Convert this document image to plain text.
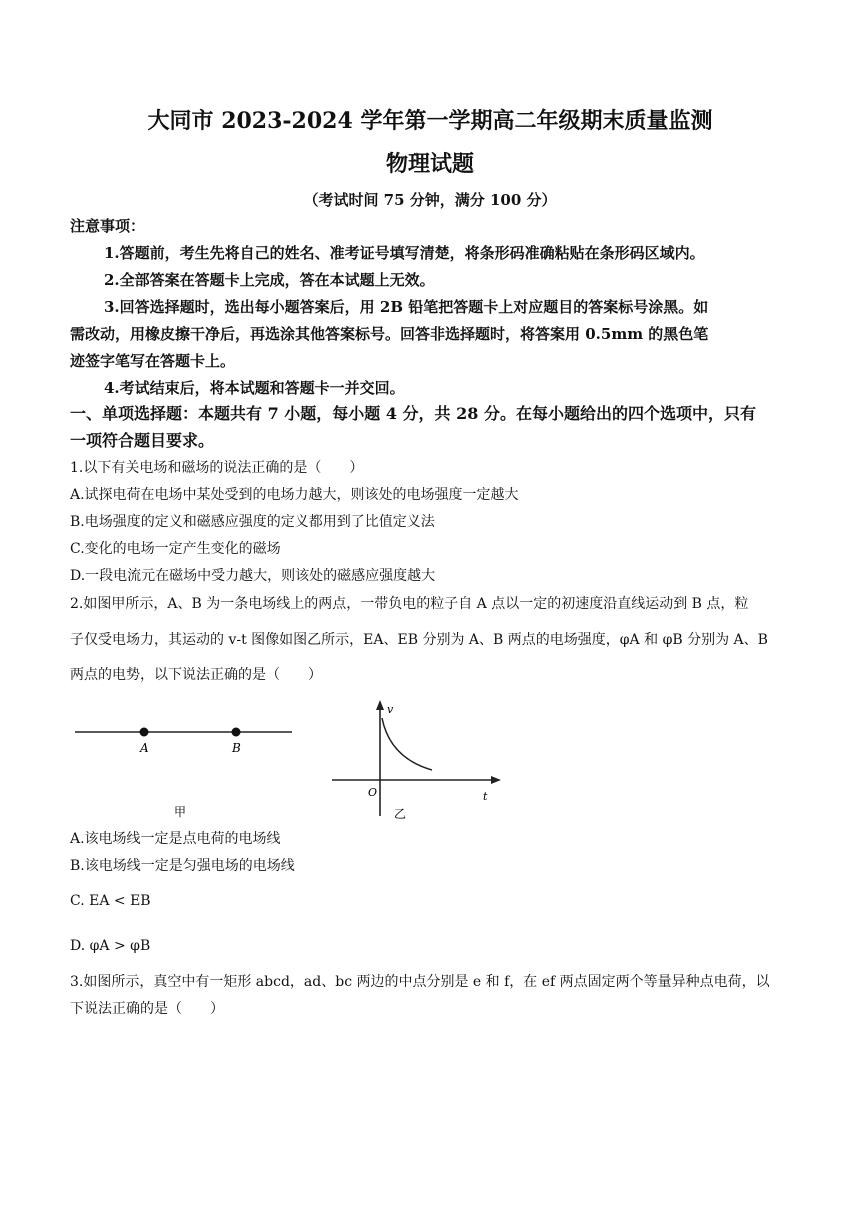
大同市 2023-2024 学年第一学期高二年级期末质量监测
物理试题
（考试时间 75 分钟，满分 100 分）
注意事项：
1.答题前，考生先将自己的姓名、准考证号填写清楚，将条形码准确粘贴在条形码区域内。
2.全部答案在答题卡上完成，答在本试题上无效。
3.回答选择题时，选出每小题答案后，用 2B 铅笔把答题卡上对应题目的答案标号涂黑。如
需改动，用橡皮擦干净后，再选涂其他答案标号。回答非选择题时，将答案用 0.5mm 的黑色笔
迹签字笔写在答题卡上。
4.考试结束后，将本试题和答题卡一并交回。
一、单项选择题：本题共有 7 小题，每小题 4 分，共 28 分。在每小题给出的四个选项中，只有
一项符合题目要求。
1.以下有关电场和磁场的说法正确的是（　　）
A.试探电荷在电场中某处受到的电场力越大，则该处的电场强度一定越大
B.电场强度的定义和磁感应强度的定义都用到了比值定义法
C.变化的电场一定产生变化的磁场
D.一段电流元在磁场中受力越大，则该处的磁感应强度越大
2.如图甲所示，A、B 为一条电场线上的两点，一带负电的粒子自 A 点以一定的初速度沿直线运动到 B 点，粒
子仅受电场力，其运动的 v-t 图像如图乙所示，EA、EB 分别为 A、B 两点的电场强度，φA 和 φB 分别为 A、B
两点的电势，以下说法正确的是（　　）
A	B
甲
v
t
O
乙
A.该电场线一定是点电荷的电场线
B.该电场线一定是匀强电场的电场线
C. EA < EB
D. φA > φB
3.如图所示，真空中有一矩形 abcd，ad、bc 两边的中点分别是 e 和 f，在 ef 两点固定两个等量异种点电荷，以
下说法正确的是（　　）
